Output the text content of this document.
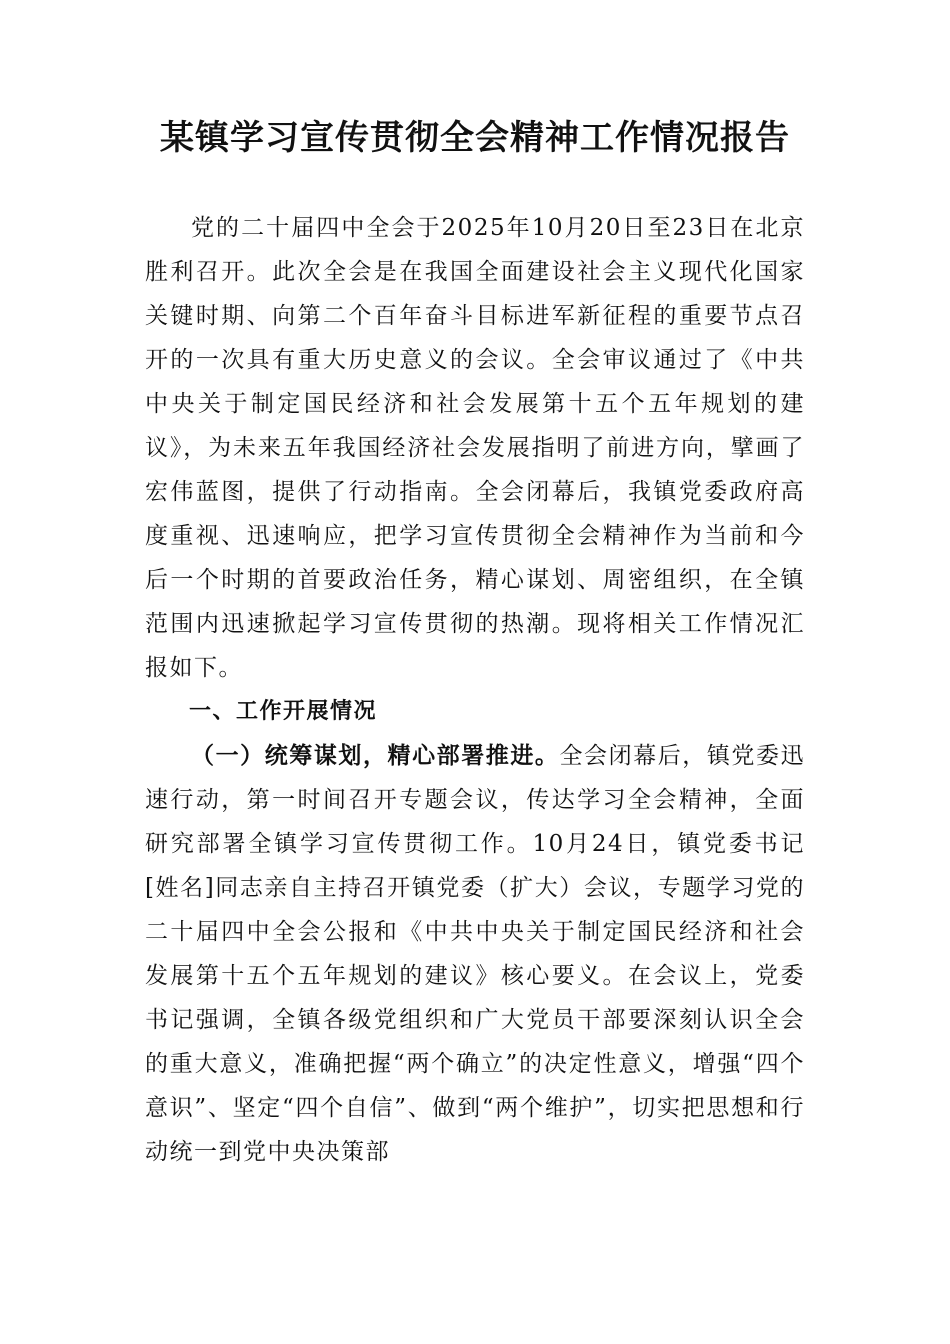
某镇学习宣传贯彻全会精神工作情况报告

党的二十届四中全会于2025年10月20日至23日在北京胜利召开。此次全会是在我国全面建设社会主义现代化国家关键时期、向第二个百年奋斗目标进军新征程的重要节点召开的一次具有重大历史意义的会议。全会审议通过了《中共中央关于制定国民经济和社会发展第十五个五年规划的建议》，为未来五年我国经济社会发展指明了前进方向，擘画了宏伟蓝图，提供了行动指南。全会闭幕后，我镇党委政府高度重视、迅速响应，把学习宣传贯彻全会精神作为当前和今后一个时期的首要政治任务，精心谋划、周密组织，在全镇范围内迅速掀起学习宣传贯彻的热潮。现将相关工作情况汇报如下。

一、工作开展情况

（一）统筹谋划，精心部署推进。全会闭幕后，镇党委迅速行动，第一时间召开专题会议，传达学习全会精神，全面研究部署全镇学习宣传贯彻工作。10月24日，镇党委书记[姓名]同志亲自主持召开镇党委（扩大）会议，专题学习党的二十届四中全会公报和《中共中央关于制定国民经济和社会发展第十五个五年规划的建议》核心要义。在会议上，党委书记强调，全镇各级党组织和广大党员干部要深刻认识全会的重大意义，准确把握“两个确立”的决定性意义，增强“四个意识”、坚定“四个自信”、做到“两个维护”，切实把思想和行动统一到党中央决策部
